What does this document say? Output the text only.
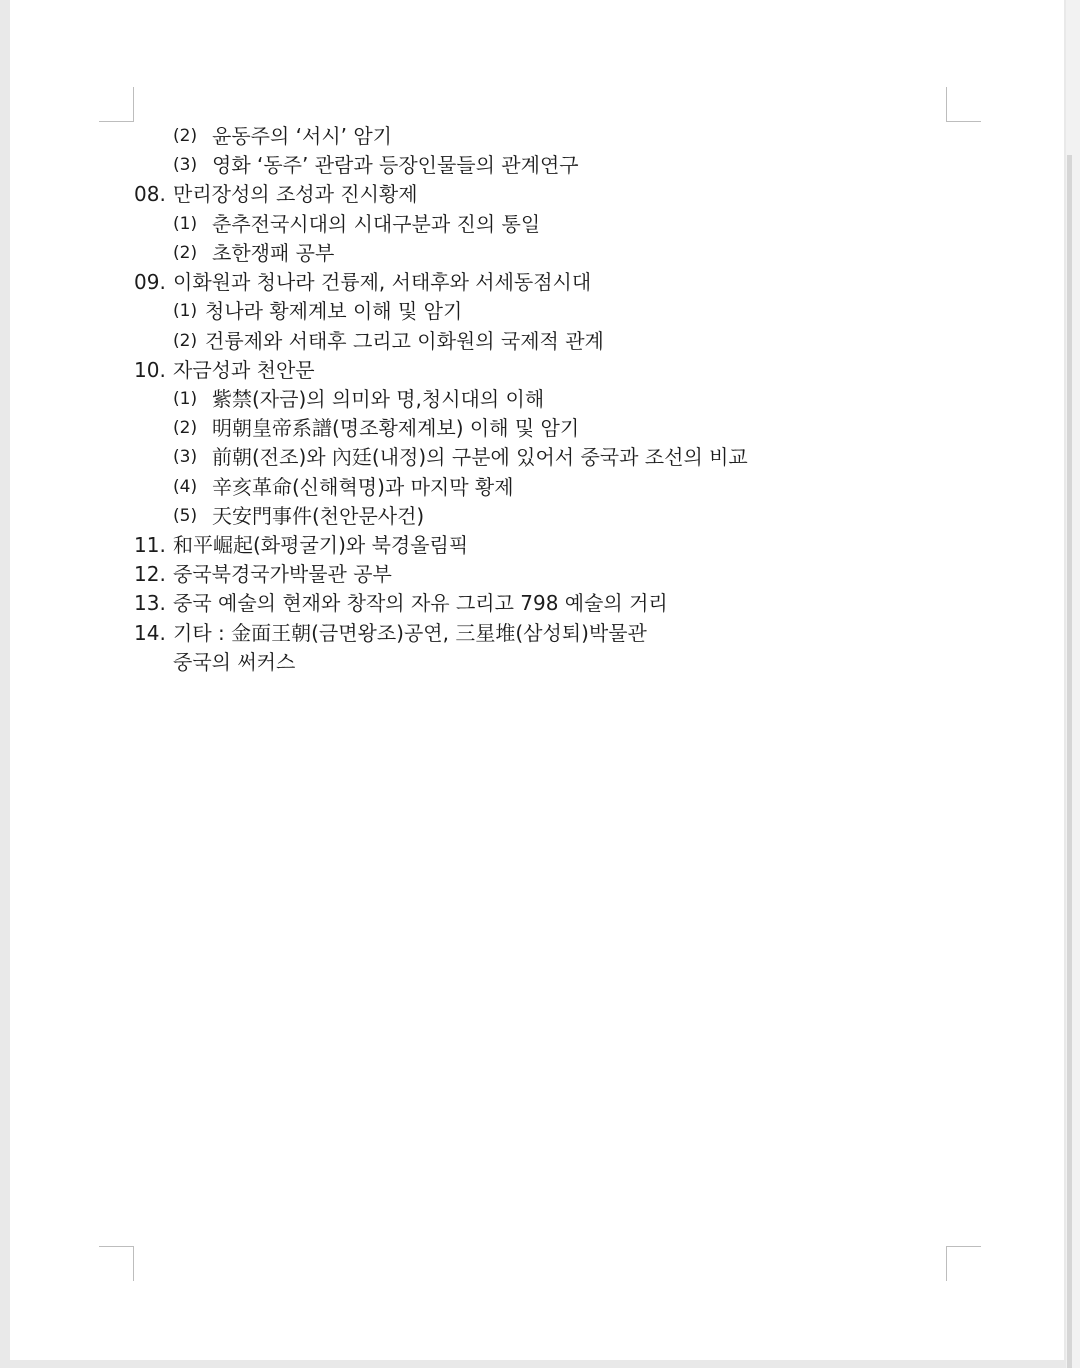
(2) 윤동주의 ‘서시’ 암기
(3) 영화 ‘동주’ 관람과 등장인물들의 관계연구
08. 만리장성의 조성과 진시황제
(1) 춘추전국시대의 시대구분과 진의 통일
(2) 초한쟁패 공부
09. 이화원과 청나라 건륭제, 서태후와 서세동점시대
(1) 청나라 황제계보 이해 및 암기
(2) 건륭제와 서태후 그리고 이화원의 국제적 관계
10. 자금성과 천안문
(1) 紫禁(자금)의 의미와 명,청시대의 이해
(2) 明朝皇帝系譜(명조황제계보) 이해 및 암기
(3) 前朝(전조)와 內廷(내정)의 구분에 있어서 중국과 조선의 비교
(4) 辛亥革命(신해혁명)과 마지막 황제
(5) 天安門事件(천안문사건)
11. 和平崛起(화평굴기)와 북경올림픽
12. 중국북경국가박물관 공부
13. 중국 예술의 현재와 창작의 자유 그리고 798 예술의 거리
14. 기타 : 金面王朝(금면왕조)공연, 三星堆(삼성퇴)박물관
중국의 써커스
